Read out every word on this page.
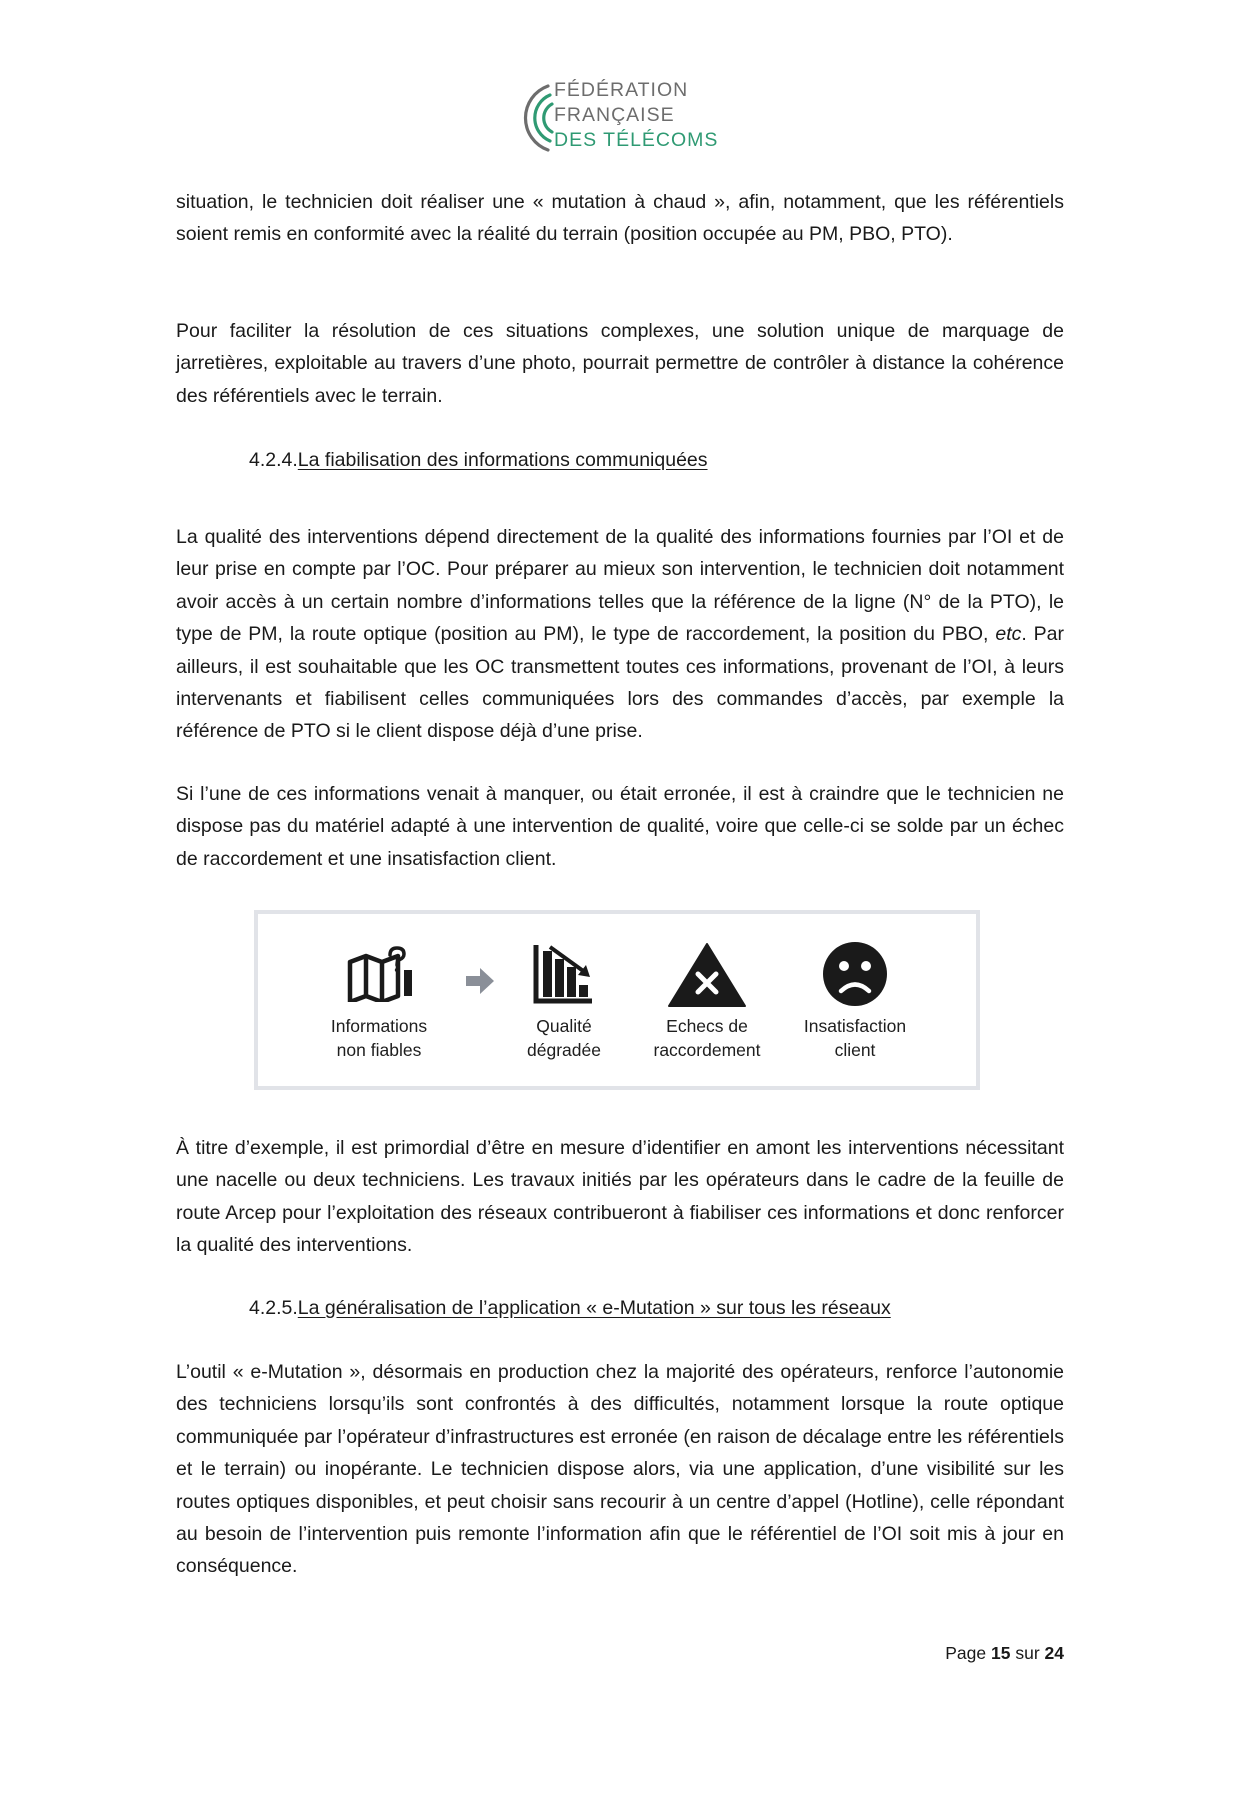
FÉDÉRATION
FRANÇAISE
DES TÉLÉCOMS

situation, le technicien doit réaliser une « mutation à chaud », afin, notamment, que les référentiels soient remis en conformité avec la réalité du terrain (position occupée au PM, PBO, PTO).

Pour faciliter la résolution de ces situations complexes, une solution unique de marquage de jarretières, exploitable au travers d’une photo, pourrait permettre de contrôler à distance la cohérence des référentiels avec le terrain.

4.2.4.La fiabilisation des informations communiquées

La qualité des interventions dépend directement de la qualité des informations fournies par l’OI et de leur prise en compte par l’OC. Pour préparer au mieux son intervention, le technicien doit notamment avoir accès à un certain nombre d’informations telles que la référence de la ligne (N° de la PTO), le type de PM, la route optique (position au PM), le type de raccordement, la position du PBO, etc. Par ailleurs, il est souhaitable que les OC transmettent toutes ces informations, provenant de l’OI, à leurs intervenants et fiabilisent celles communiquées lors des commandes d’accès, par exemple la référence de PTO si le client dispose déjà d’une prise.

Si l’une de ces informations venait à manquer, ou était erronée, il est à craindre que le technicien ne dispose pas du matériel adapté à une intervention de qualité, voire que celle-ci se solde par un échec de raccordement et une insatisfaction client.

Informations
non fiables
Qualité
dégradée
Echecs de
raccordement
Insatisfaction
client

À titre d’exemple, il est primordial d’être en mesure d’identifier en amont les interventions nécessitant une nacelle ou deux techniciens. Les travaux initiés par les opérateurs dans le cadre de la feuille de route Arcep pour l’exploitation des réseaux contribueront à fiabiliser ces informations et donc renforcer la qualité des interventions.

4.2.5.La généralisation de l’application « e-Mutation » sur tous les réseaux

L’outil « e-Mutation », désormais en production chez la majorité des opérateurs, renforce l’autonomie des techniciens lorsqu’ils sont confrontés à des difficultés, notamment lorsque la route optique communiquée par l’opérateur d’infrastructures est erronée (en raison de décalage entre les référentiels et le terrain) ou inopérante. Le technicien dispose alors, via une application, d’une visibilité sur les routes optiques disponibles, et peut choisir sans recourir à un centre d’appel (Hotline), celle répondant au besoin de l’intervention puis remonte l’information afin que le référentiel de l’OI soit mis à jour en conséquence.

Page 15 sur 24
